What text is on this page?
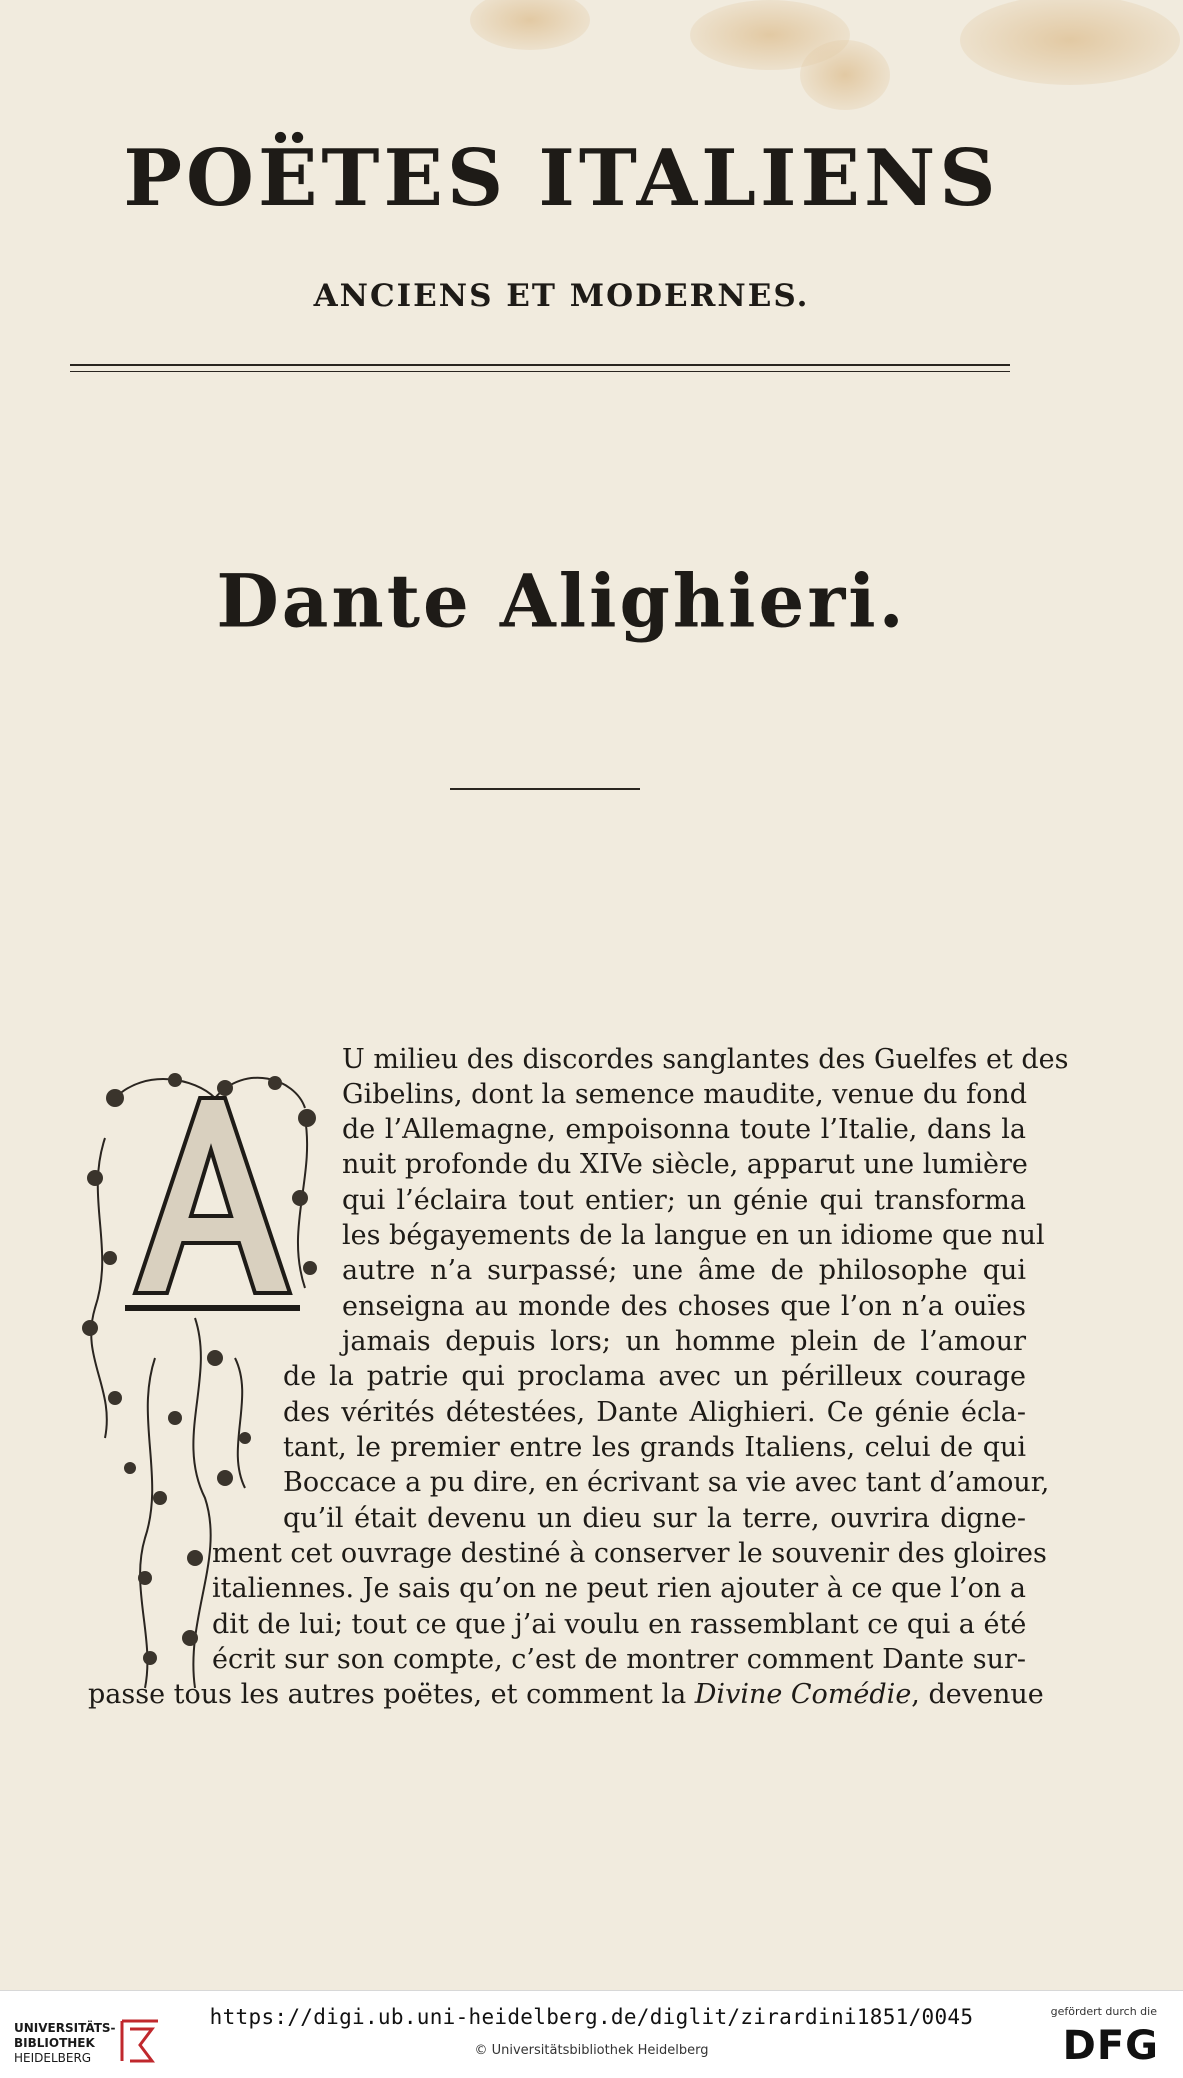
POËTES ITALIENS
ANCIENS ET MODERNES.
Dante Alighieri.
U milieu des discordes sanglantes des Guelfes et des
Gibelins, dont la semence maudite, venue du fond
de l’Allemagne, empoisonna toute l’Italie, dans la
nuit profonde du XIVe siècle, apparut une lumière
qui l’éclaira tout entier; un génie qui transforma
les bégayements de la langue en un idiome que nul
autre n’a surpassé; une âme de philosophe qui
enseigna au monde des choses que l’on n’a ouïes
jamais depuis lors; un homme plein de l’amour
de la patrie qui proclama avec un périlleux courage
des vérités détestées, Dante Alighieri. Ce génie écla-
tant, le premier entre les grands Italiens, celui de qui
Boccace a pu dire, en écrivant sa vie avec tant d’amour,
qu’il était devenu un dieu sur la terre, ouvrira digne-
ment cet ouvrage destiné à conserver le souvenir des gloires
italiennes. Je sais qu’on ne peut rien ajouter à ce que l’on a
dit de lui; tout ce que j’ai voulu en rassemblant ce qui a été
écrit sur son compte, c’est de montrer comment Dante sur-
passe tous les autres poëtes, et comment la Divine Comédie, devenue
UNIVERSITÄTS-
BIBLIOTHEK
HEIDELBERG
https://digi.ub.uni-heidelberg.de/diglit/zirardini1851/0045
© Universitätsbibliothek Heidelberg
gefördert durch die
DFG
